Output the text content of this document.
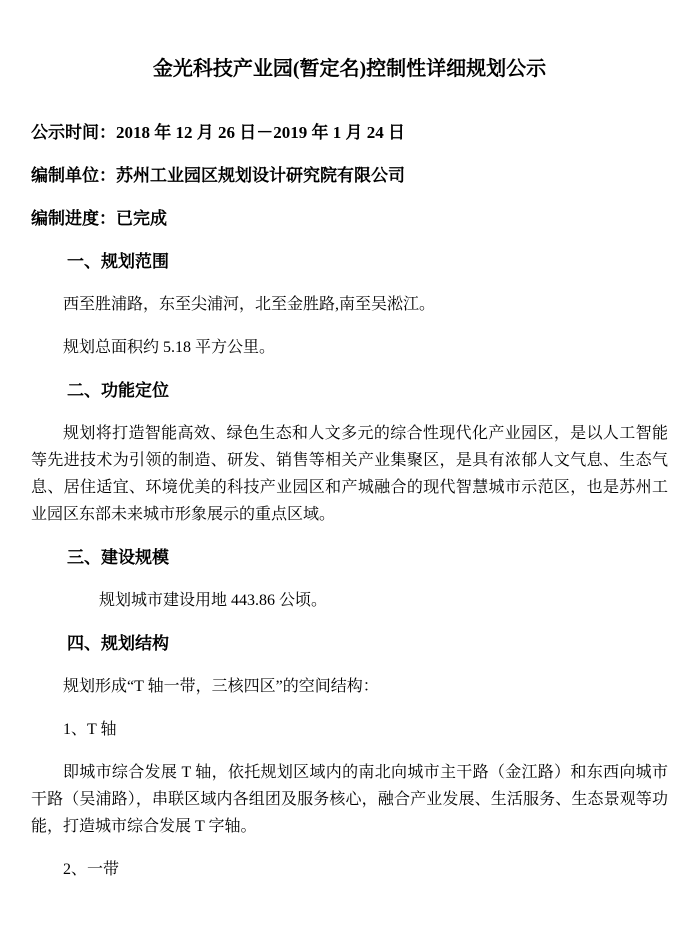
金光科技产业园(暂定名)控制性详细规划公示

公示时间：2018 年 12 月 26 日－2019 年 1 月 24 日

编制单位：苏州工业园区规划设计研究院有限公司

编制进度：已完成

一、规划范围

西至胜浦路，东至尖浦河，北至金胜路,南至吴淞江。

规划总面积约 5.18 平方公里。

二、功能定位

规划将打造智能高效、绿色生态和人文多元的综合性现代化产业园区，是以人工智能等先进技术为引领的制造、研发、销售等相关产业集聚区，是具有浓郁人文气息、生态气息、居住适宜、环境优美的科技产业园区和产城融合的现代智慧城市示范区，也是苏州工业园区东部未来城市形象展示的重点区域。

三、建设规模

规划城市建设用地 443.86 公顷。

四、规划结构

规划形成“T 轴一带，三核四区”的空间结构：

1、T 轴

即城市综合发展 T 轴，依托规划区域内的南北向城市主干路（金江路）和东西向城市干路（吴浦路），串联区域内各组团及服务核心，融合产业发展、生活服务、生态景观等功能，打造城市综合发展 T 字轴。

2、一带
